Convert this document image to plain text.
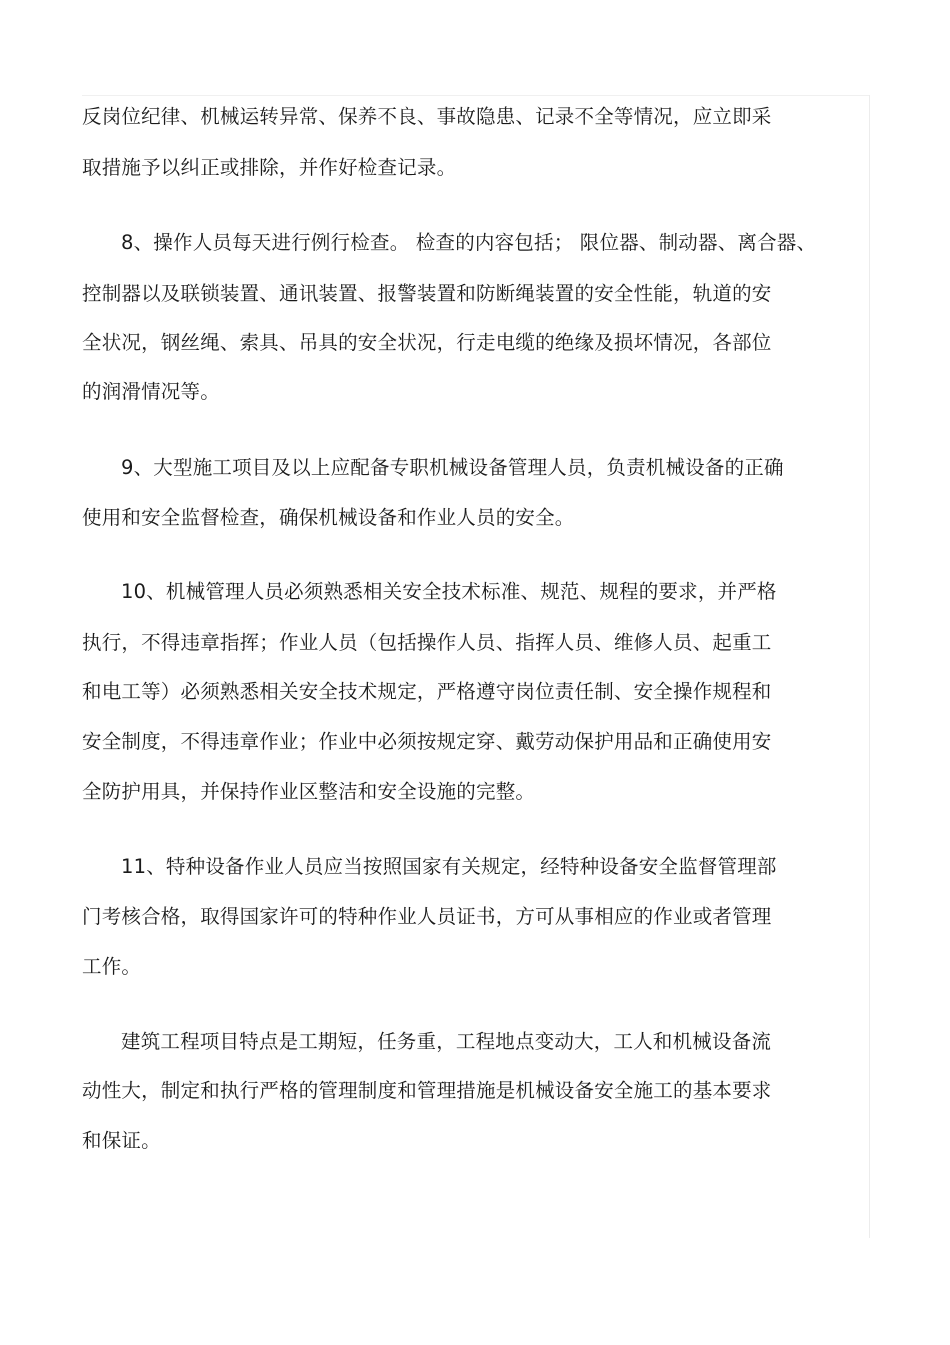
反岗位纪律、机械运转异常、保养不良、事故隐患、记录不全等情况，应立即采
取措施予以纠正或排除，并作好检查记录。
8、操作人员每天进行例行检查。 检查的内容包括； 限位器、制动器、离合器、
控制器以及联锁装置、通讯装置、报警装置和防断绳装置的安全性能，轨道的安
全状况，钢丝绳、索具、吊具的安全状况，行走电缆的绝缘及损坏情况，各部位
的润滑情况等。
9、大型施工项目及以上应配备专职机械设备管理人员，负责机械设备的正确
使用和安全监督检查，确保机械设备和作业人员的安全。
10、机械管理人员必须熟悉相关安全技术标准、规范、规程的要求，并严格
执行，不得违章指挥；作业人员（包括操作人员、指挥人员、维修人员、起重工
和电工等）必须熟悉相关安全技术规定，严格遵守岗位责任制、安全操作规程和
安全制度，不得违章作业；作业中必须按规定穿、戴劳动保护用品和正确使用安
全防护用具，并保持作业区整洁和安全设施的完整。
11、特种设备作业人员应当按照国家有关规定，经特种设备安全监督管理部
门考核合格，取得国家许可的特种作业人员证书，方可从事相应的作业或者管理
工作。
建筑工程项目特点是工期短，任务重，工程地点变动大，工人和机械设备流
动性大，制定和执行严格的管理制度和管理措施是机械设备安全施工的基本要求
和保证。
